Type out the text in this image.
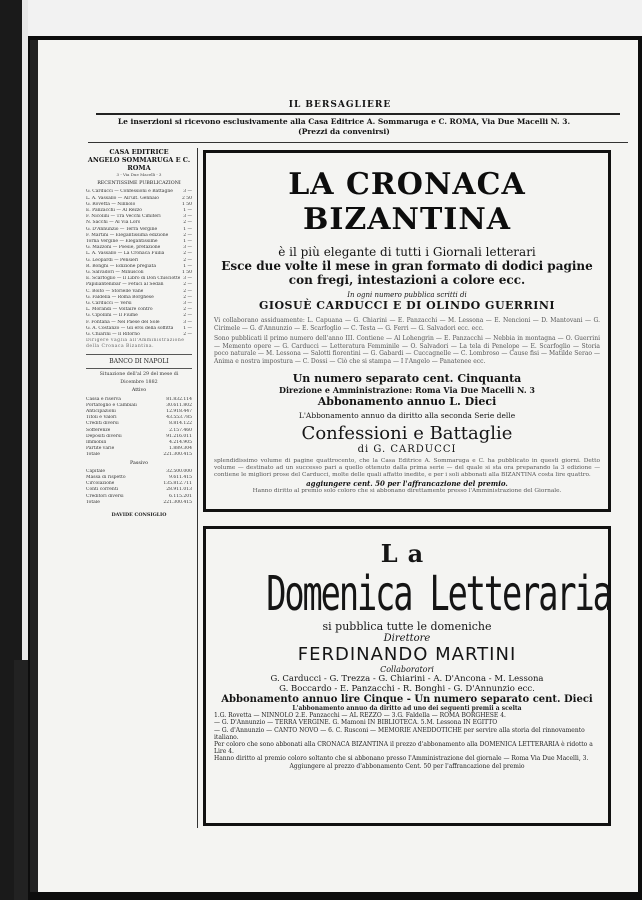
IL BERSAGLIERE
Le inserzioni si ricevono esclusivamente alla Casa Editrice A. Sommaruga e C. ROMA, Via Due Macelli N. 3.
(Prezzi da convenirsi)
CASA EDITRICE
ANGELO SOMMARUGA E C.
ROMA
3 - Via Due Macelli - 3
RECENTISSIME PUBBLICAZIONI
G. Carducci — Confessioni e Battaglie 3 —
L. A. Vassallo — All'ult. Gennaio	2 50
G. Rovetta — Ninnolo	1 50
E. Panzacchi — Al Rezzo	1 —
F. Nicolini — Tra Vecchi Cimiteri	3 —
N. Sacchi — Al Via Loro	2 —
G. D'Annunzio — Terra Vergine	1 —
F. Martini — Elegantissima edizione	2 —
Torna Vergine — Elegantissime	1 —
G. Mazzoni — Poesie, prefazione	3 —
L. A. Vassallo — La Cronaca Fuilia	2 —
G. Leopardi — Pensieri	2 —
R. Bonghi — Edizione pregiata	1 —
G. Salvadori — Minuscoli	1 50
E. Scarfoglio — Il Libro di Don Chisciotte 3 —
Papiliantenibar — Fetuci al Sedan	2 —
C. Boito — Storielle Vane	2 —
G. Faldella — Roma Borghese	2 —
G. Carducci — Versi	3 —
L. Morandi — Voltaire contro	2 —
G. Cipollini — Il Fiume	2 —
F. Fontana — Nel Paese del Sole	3 —
G. A. Costanzo — Gli eroi della soffitta 1 —
G. Chiarini — Il Ritorno	2 —
Dirigere vaglia all'Amministrazione della Cronaca Bizantina.
BANCO DI NAPOLI
Situazione dell'al 29 del mese di
Dicembre 1882
Attivo
Cassa e riserva	81.832.114
Portafoglio e Cambiali	30.611.802
Anticipazioni	12.918.447
Titoli e Valori	43.553.785
Crediti diversi	8.814.122
Sofferenze	2.157.460
Depositi diversi	91.216.011
Immobili	4.214.905
Partite varie	1.889.304
Totale	221.300.415
Passivo
Capitale	32.500.000
Massa di rispetto	9.611.415
Circolazione	135.812.711
Conti correnti	28.911.013
Creditori diversi	6.115.201
Totale	221.300.415
DAVIDE CONSIGLIO
LA CRONACA BIZANTINA
è il più elegante di tutti i Giornali letterari
Esce due volte il mese in gran formato di dodici pagine
con fregi, intestazioni a colore ecc.
In ogni numero pubblica scritti di
GIOSUÈ CARDUCCI E DI OLINDO GUERRINI
Vi collaborano assiduamente: L. Capuana — G. Chiarini — E. Panzacchi — M. Lessona — E. Nencioni — D. Mantovani — G. Cirimele — G. d'Annunzio — E. Scarfoglio — C. Testa — G. Ferri — G. Salvadori ecc. ecc.
Sono pubblicati il primo numero dell'anno III. Contiene — Al Lohengrin — E. Panzacchi — Nebbia in montagna — O. Guerrini — Memento opere — G. Carducci — Letteratura Femminile — O. Salvadori — La tela di Penelope — E. Scarfoglio — Storia poco naturale — M. Lessona — Salotti fiorentini — G. Gabardi — Cuccagnelle — C. Lombroso — Cause fisi — Matilde Serao — Anima e nostra impostura — C. Dossi — Ciò che si stampa — I l'Angelo — Panatenee ecc.
Un numero separato cent. Cinquanta
Direzione e Amministrazione: Roma Via Due Macelli N. 3
Abbonamento annuo L. Dieci
L'Abbonamento annuo da diritto alla seconda Serie delle
Confessioni e Battaglie
di G. CARDUCCI
splendidissimo volume di pagine quattrocento, che la Casa Editrice A. Sommaruga e C. ha pubblicato in questi giorni. Detto volume — destinato ad un successo pari a quello ottenuto dalla prima serie — del quale si sta ora preparando la 3 edizione — contiene le migliori prose del Carducci, molte delle quali affatto inedite, e per i soli abbonati alla BIZANTINA costa lire quattro.
aggiungere cent. 50 per l'affrancazione del premio.
Hanno diritto al premio solo coloro che si abbonano direttamente presso l'Amministrazione del Giornale.
La
Domenica Letteraria
si pubblica tutte le domeniche
Direttore
FERDINANDO MARTINI
Collaboratori
G. Carducci - G. Trezza - G. Chiarini - A. D'Ancona - M. Lessona
G. Boccardo - E. Panzacchi - R. Bonghi - G. D'Annunzio ecc.
Abbonamento annuo lire Cinque - Un numero separato cent. Dieci
L'abbonamento annuo da diritto ad uno dei seguenti premii a scelta
1.G. Rovetta — NINNOLO 2.E. Panzacchi — AL REZZO — 3.G. Faldella — ROMA BORGHESE 4.
— G. D'Annunzio — TERRA VERGINE. G. Mamoni IN BIBLIOTECA. 5.M. Lessona IN EGITTO
— G. d'Annunzio — CANTO NOVO — 6. C. Rusconi — MEMORIE ANEDDOTICHE per servire alla storia del rinnovamento italiano.
Per coloro che sono abbonati alla CRONACA BIZANTINA il prezzo d'abbonamento alla DOMENICA LETTERARIA è ridotto a Lire 4.
Hanno diritto al premio coloro soltanto che si abbonano presso l'Amministrazione del giornale — Roma Via Due Macelli, 3.
Aggiungere al prezzo d'abbonamento Cent. 50 per l'affrancazione del premio
